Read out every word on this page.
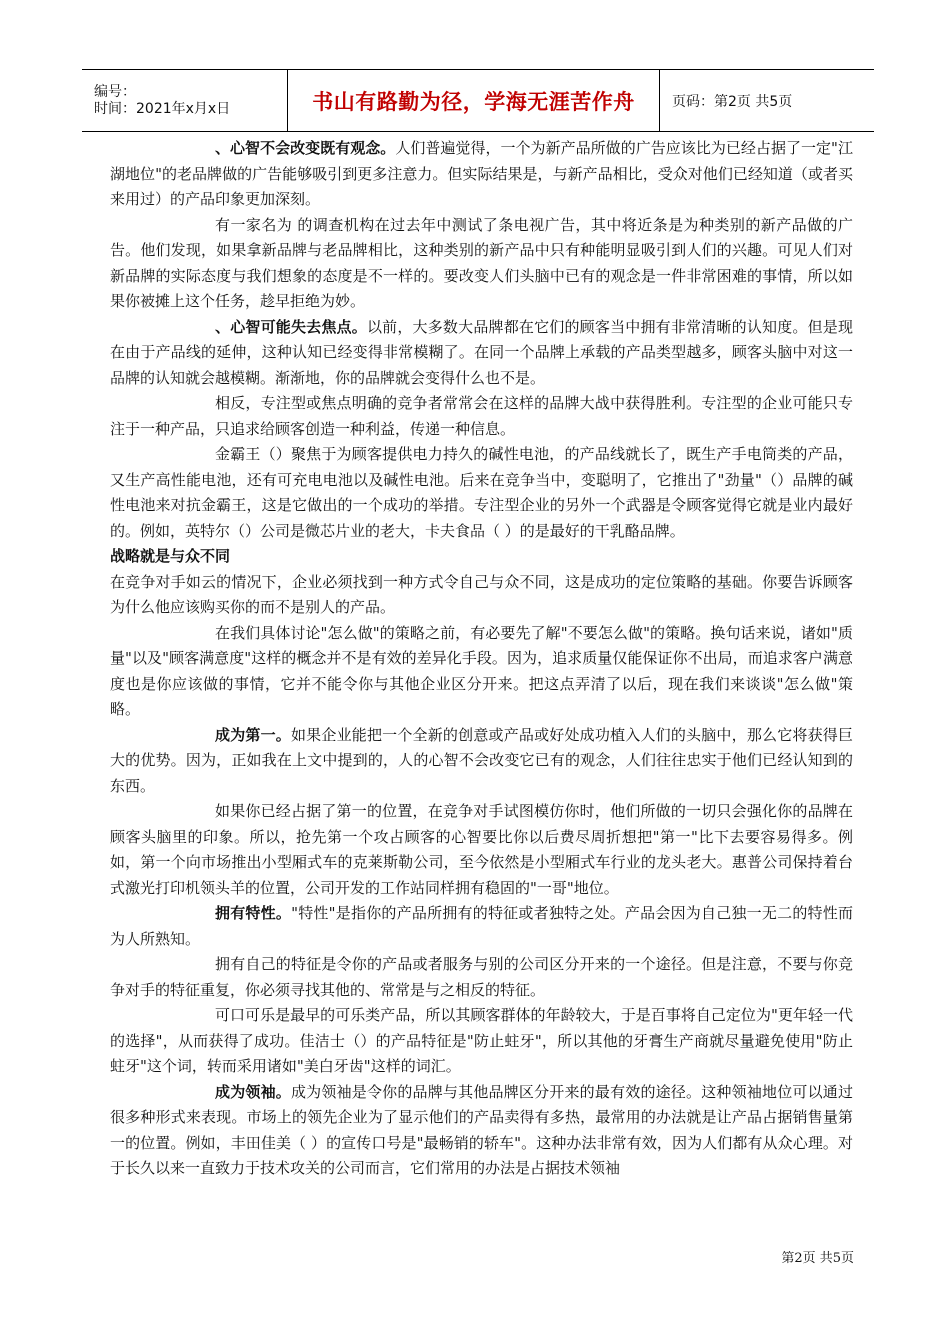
编号：
时间：2021年x月x日	书山有路勤为径，学海无涯苦作舟	页码：第2页 共5页

、心智不会改变既有观念。人们普遍觉得，一个为新产品所做的广告应该比为已经占据了一定"江湖地位"的老品牌做的广告能够吸引到更多注意力。但实际结果是，与新产品相比，受众对他们已经知道（或者买来用过）的产品印象更加深刻。

有一家名为 的调查机构在过去年中测试了条电视广告，其中将近条是为种类别的新产品做的广告。他们发现，如果拿新品牌与老品牌相比，这种类别的新产品中只有种能明显吸引到人们的兴趣。可见人们对新品牌的实际态度与我们想象的态度是不一样的。要改变人们头脑中已有的观念是一件非常困难的事情，所以如果你被摊上这个任务，趁早拒绝为妙。

、心智可能失去焦点。以前，大多数大品牌都在它们的顾客当中拥有非常清晰的认知度。但是现在由于产品线的延伸，这种认知已经变得非常模糊了。在同一个品牌上承载的产品类型越多，顾客头脑中对这一品牌的认知就会越模糊。渐渐地，你的品牌就会变得什么也不是。

相反，专注型或焦点明确的竞争者常常会在这样的品牌大战中获得胜利。专注型的企业可能只专注于一种产品，只追求给顾客创造一种利益，传递一种信息。

金霸王（）聚焦于为顾客提供电力持久的碱性电池，的产品线就长了，既生产手电筒类的产品，又生产高性能电池，还有可充电电池以及碱性电池。后来在竞争当中，变聪明了，它推出了"劲量"（）品牌的碱性电池来对抗金霸王，这是它做出的一个成功的举措。专注型企业的另外一个武器是令顾客觉得它就是业内最好的。例如，英特尔（）公司是微芯片业的老大，卡夫食品（ ）的是最好的干乳酪品牌。

战略就是与众不同

在竞争对手如云的情况下，企业必须找到一种方式令自己与众不同，这是成功的定位策略的基础。你要告诉顾客为什么他应该购买你的而不是别人的产品。

在我们具体讨论"怎么做"的策略之前，有必要先了解"不要怎么做"的策略。换句话来说，诸如"质量"以及"顾客满意度"这样的概念并不是有效的差异化手段。因为，追求质量仅能保证你不出局，而追求客户满意度也是你应该做的事情，它并不能令你与其他企业区分开来。把这点弄清了以后，现在我们来谈谈"怎么做"策略。

成为第一。如果企业能把一个全新的创意或产品或好处成功植入人们的头脑中，那么它将获得巨大的优势。因为，正如我在上文中提到的，人的心智不会改变它已有的观念，人们往往忠实于他们已经认知到的东西。

如果你已经占据了第一的位置，在竞争对手试图模仿你时，他们所做的一切只会强化你的品牌在顾客头脑里的印象。所以，抢先第一个攻占顾客的心智要比你以后费尽周折想把"第一"比下去要容易得多。例如，第一个向市场推出小型厢式车的克莱斯勒公司，至今依然是小型厢式车行业的龙头老大。惠普公司保持着台式激光打印机领头羊的位置，公司开发的工作站同样拥有稳固的"一哥"地位。

拥有特性。"特性"是指你的产品所拥有的特征或者独特之处。产品会因为自己独一无二的特性而为人所熟知。

拥有自己的特征是令你的产品或者服务与别的公司区分开来的一个途径。但是注意，不要与你竞争对手的特征重复，你必须寻找其他的、常常是与之相反的特征。

可口可乐是最早的可乐类产品，所以其顾客群体的年龄较大，于是百事将自己定位为"更年轻一代的选择"，从而获得了成功。佳洁士（）的产品特征是"防止蛀牙"，所以其他的牙膏生产商就尽量避免使用"防止蛀牙"这个词，转而采用诸如"美白牙齿"这样的词汇。

成为领袖。成为领袖是令你的品牌与其他品牌区分开来的最有效的途径。这种领袖地位可以通过很多种形式来表现。市场上的领先企业为了显示他们的产品卖得有多热，最常用的办法就是让产品占据销售量第一的位置。例如，丰田佳美（ ）的宣传口号是"最畅销的轿车"。这种办法非常有效，因为人们都有从众心理。对于长久以来一直致力于技术攻关的公司而言，它们常用的办法是占据技术领袖

第2页 共5页
